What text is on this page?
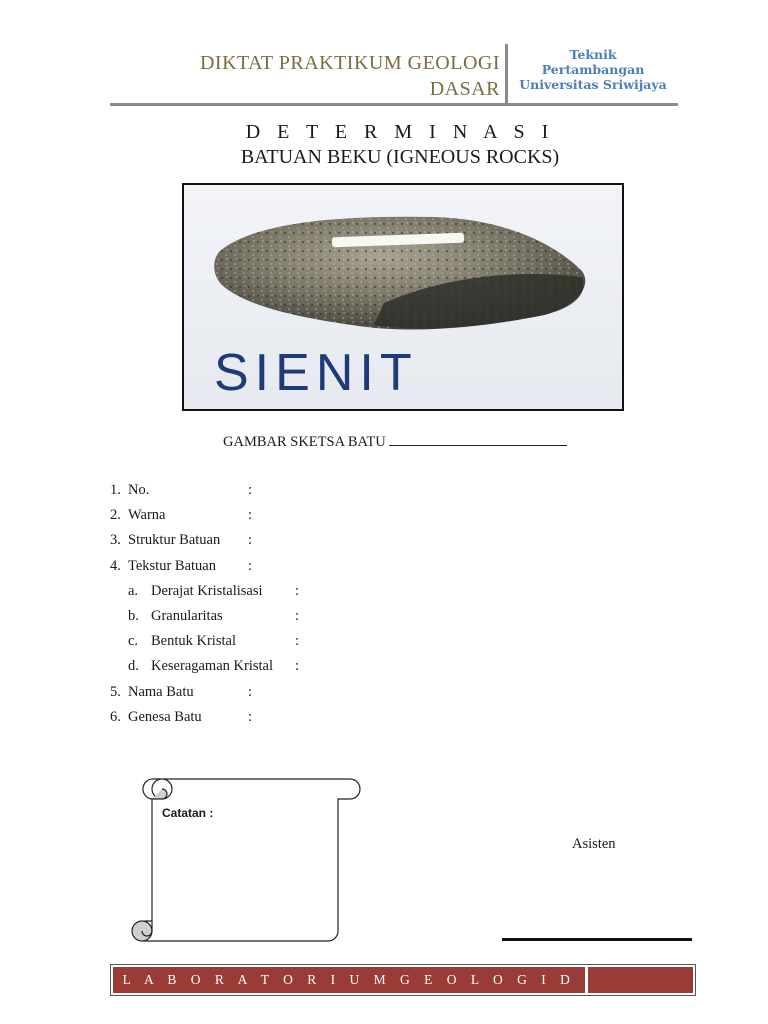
DIKTAT PRAKTIKUM GEOLOGI
DASAR
Teknik Pertambangan
Universitas Sriwijaya
D E T E R M I N A S I
BATUAN BEKU (IGNEOUS ROCKS)
SIENIT
GAMBAR SKETSA BATU
1. No.	:
2. Warna	:
3. Struktur Batuan :
4. Tekstur Batuan :
a. Derajat Kristalisasi :
b. Granularitas	:
c. Bentuk Kristal	:
d. Keseragaman Kristal :
5. Nama Batu	:
6. Genesa Batu	:
Catatan :
Asisten
L A B O R A T O R I U M G E O L O G I D A S A R
